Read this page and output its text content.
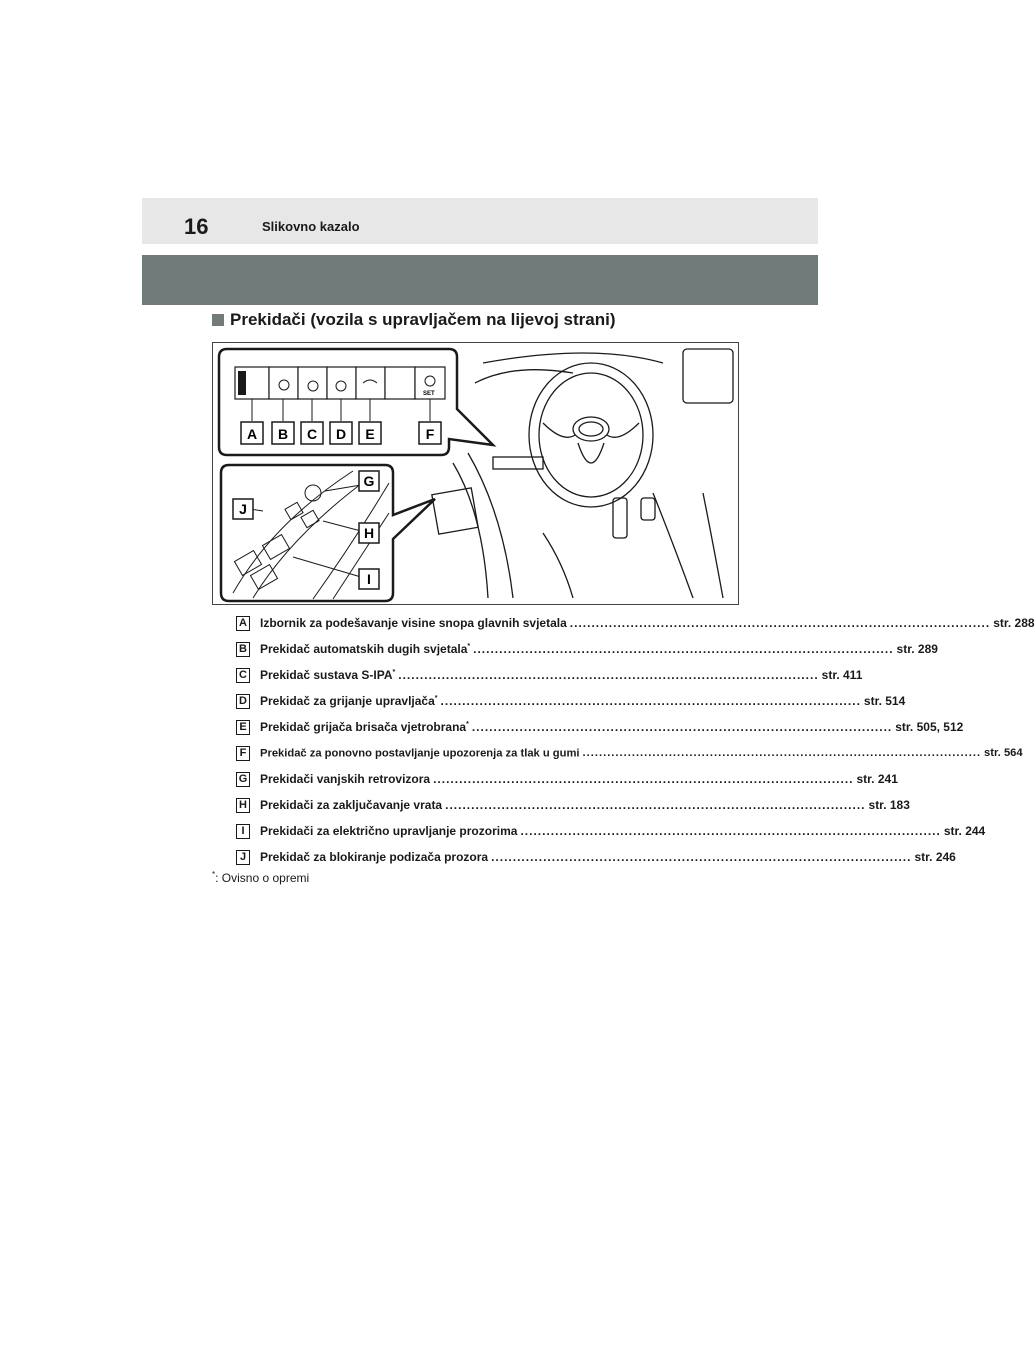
16	Slikovno kazalo
Prekidači (vozila s upravljačem na lijevoj strani)
SET
A B C D E	F
G
H
I
J
A Izbornik za podešavanje visine snopa glavnih svjetala ................................................................................................. str. 288
B Prekidač automatskih dugih svjetala* ................................................................................................. str. 289
C Prekidač sustava S-IPA* ................................................................................................. str. 411
D Prekidač za grijanje upravljača* ................................................................................................. str. 514
E Prekidač grijača brisača vjetrobrana* ................................................................................................. str. 505, 512
F	Prekidač za ponovno postavljanje upozorenja za tlak u gumi ................................................................................................. str. 564
G Prekidači vanjskih retrovizora ................................................................................................. str. 241
H Prekidači za zaključavanje vrata ................................................................................................. str. 183
I	Prekidači za električno upravljanje prozorima ................................................................................................. str. 244
J	Prekidač za blokiranje podizača prozora ................................................................................................. str. 246
*: Ovisno o opremi
